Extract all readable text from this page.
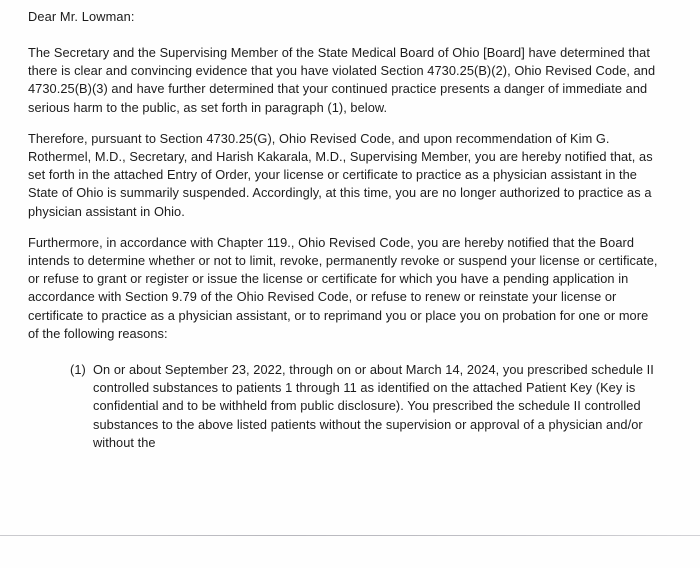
Dear Mr. Lowman:

The Secretary and the Supervising Member of the State Medical Board of Ohio [Board] have determined that there is clear and convincing evidence that you have violated Section 4730.25(B)(2), Ohio Revised Code, and 4730.25(B)(3) and have further determined that your continued practice presents a danger of immediate and serious harm to the public, as set forth in paragraph (1), below.

Therefore, pursuant to Section 4730.25(G), Ohio Revised Code, and upon recommendation of Kim G. Rothermel, M.D., Secretary, and Harish Kakarala, M.D., Supervising Member, you are hereby notified that, as set forth in the attached Entry of Order, your license or certificate to practice as a physician assistant in the State of Ohio is summarily suspended. Accordingly, at this time, you are no longer authorized to practice as a physician assistant in Ohio.

Furthermore, in accordance with Chapter 119., Ohio Revised Code, you are hereby notified that the Board intends to determine whether or not to limit, revoke, permanently revoke or suspend your license or certificate, or refuse to grant or register or issue the license or certificate for which you have a pending application in accordance with Section 9.79 of the Ohio Revised Code, or refuse to renew or reinstate your license or certificate to practice as a physician assistant, or to reprimand you or place you on probation for one or more of the following reasons:

(1) On or about September 23, 2022, through on or about March 14, 2024, you prescribed schedule II controlled substances to patients 1 through 11 as identified on the attached Patient Key (Key is confidential and to be withheld from public disclosure). You prescribed the schedule II controlled substances to the above listed patients without the supervision or approval of a physician and/or without the
